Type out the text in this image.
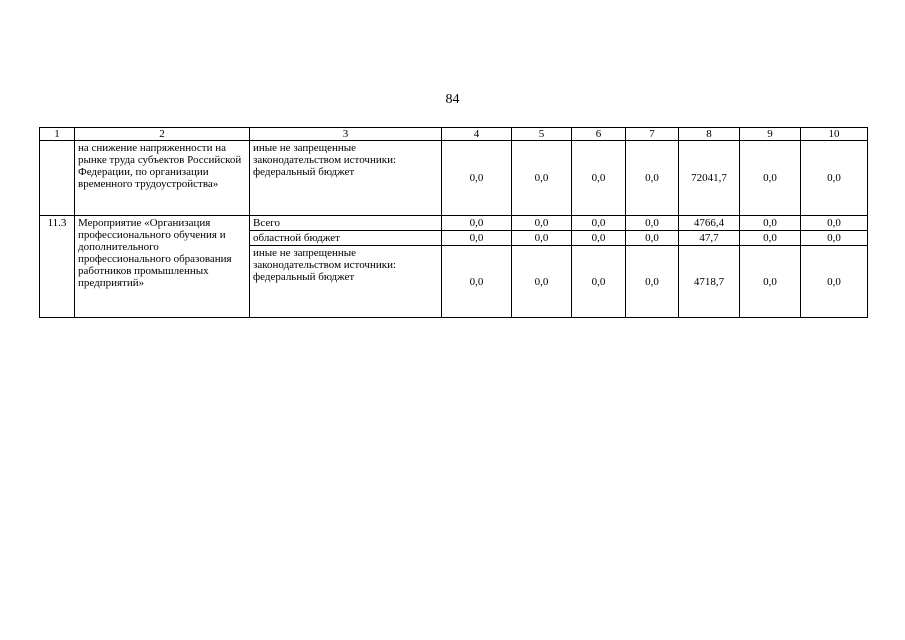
84
1	2	3	4	5	6	7	8	9	10
	на снижение напряженности на рынке труда субъектов Российской Федерации, по организации временного трудоустройства»	иные не запрещенные законодательством источники: федеральный бюджет	0,0	0,0	0,0	0,0	72041,7	0,0	0,0
11.3	Мероприятие «Организация профессионального обучения и дополнительного профессионального образования работников промышленных предприятий»	Всего	0,0	0,0	0,0	0,0	4766,4	0,0	0,0
		областной бюджет	0,0	0,0	0,0	0,0	47,7	0,0	0,0
		иные не запрещенные законодательством источники: федеральный бюджет	0,0	0,0	0,0	0,0	4718,7	0,0	0,0
